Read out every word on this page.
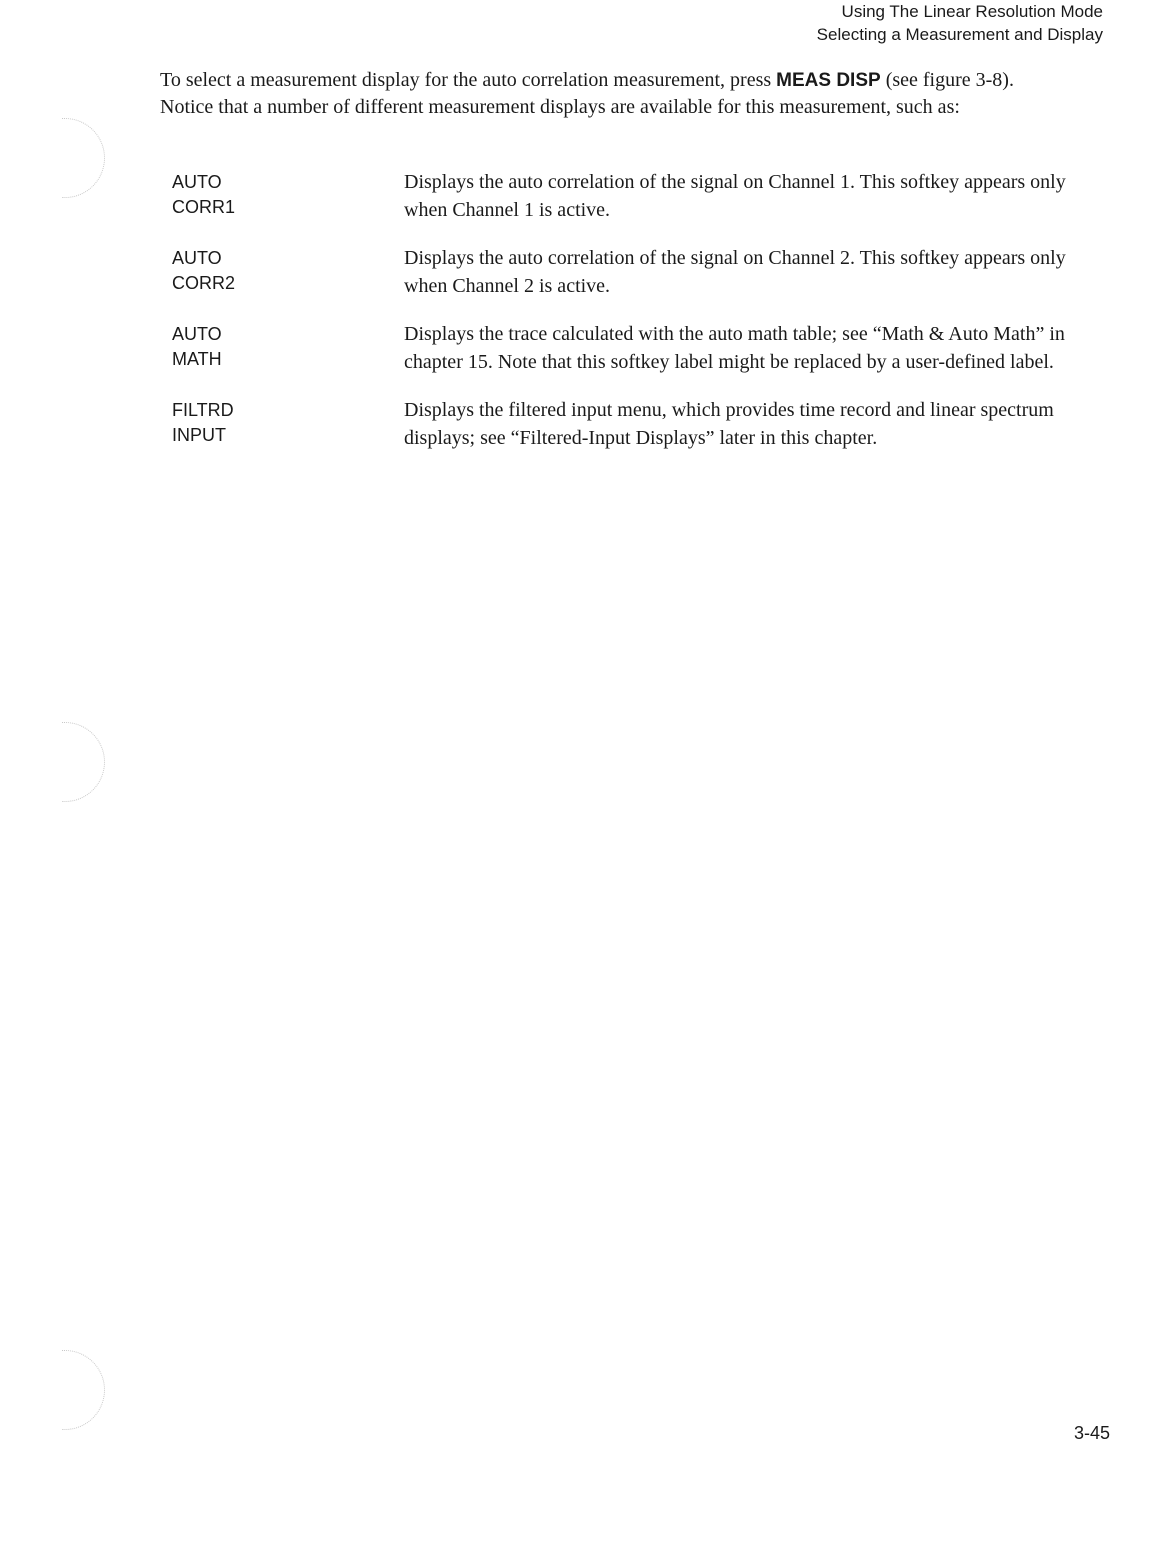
Using The Linear Resolution Mode
Selecting a Measurement and Display

To select a measurement display for the auto correlation measurement, press MEAS DISP (see figure 3-8). Notice that a number of different measurement displays are available for this measurement, such as:

AUTO
CORR1
Displays the auto correlation of the signal on Channel 1. This softkey appears only when Channel 1 is active.
AUTO
CORR2
Displays the auto correlation of the signal on Channel 2. This softkey appears only when Channel 2 is active.
AUTO
MATH
Displays the trace calculated with the auto math table; see “Math & Auto Math” in chapter 15. Note that this softkey label might be replaced by a user-defined label.
FILTRD
INPUT
Displays the filtered input menu, which provides time record and linear spectrum displays; see “Filtered-Input Displays” later in this chapter.
3-45
